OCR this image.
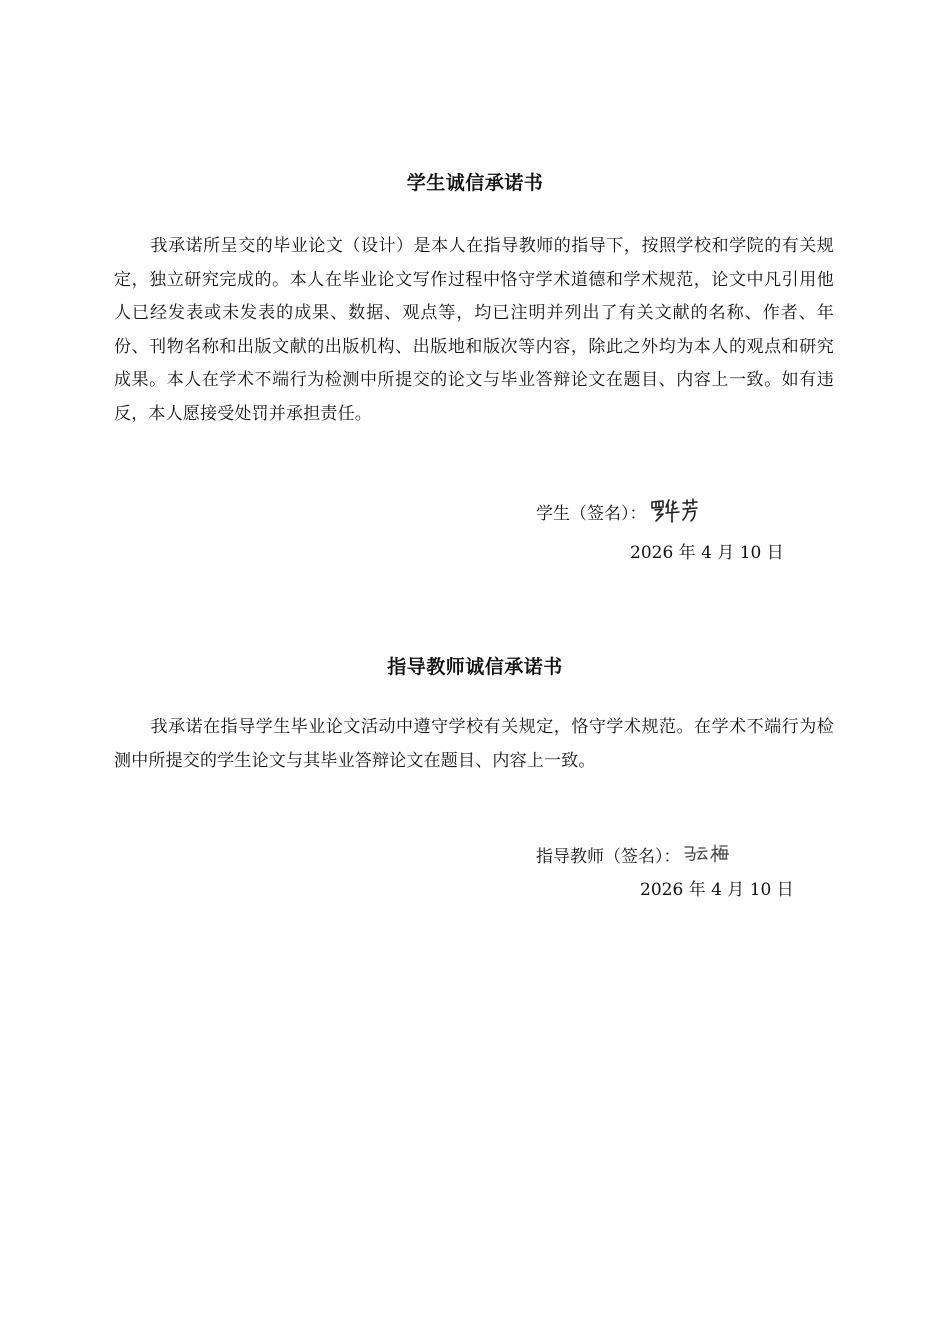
学生诚信承诺书
我承诺所呈交的毕业论文（设计）是本人在指导教师的指导下，按照学校和学院的有关规定，独立研究完成的。本人在毕业论文写作过程中恪守学术道德和学术规范，论文中凡引用他人已经发表或未发表的成果、数据、观点等，均已注明并列出了有关文献的名称、作者、年份、刊物名称和出版文献的出版机构、出版地和版次等内容，除此之外均为本人的观点和研究成果。本人在学术不端行为检测中所提交的论文与毕业答辩论文在题目、内容上一致。如有违反，本人愿接受处罚并承担责任。
学生（签名）：
2026 年 4 月 10 日
指导教师诚信承诺书
我承诺在指导学生毕业论文活动中遵守学校有关规定，恪守学术规范。在学术不端行为检测中所提交的学生论文与其毕业答辩论文在题目、内容上一致。
指导教师（签名）：
2026 年 4 月 10 日
